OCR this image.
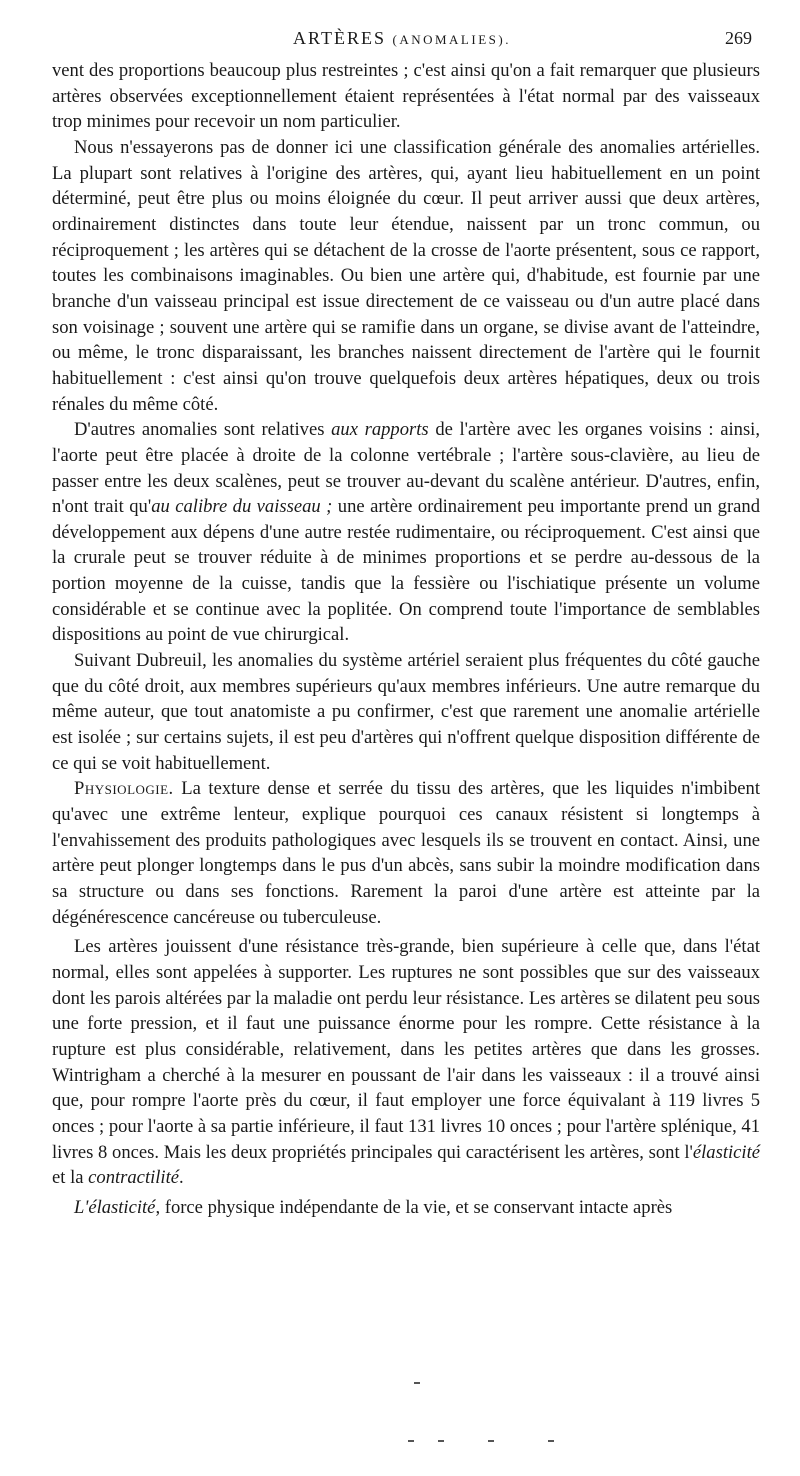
ARTÈRES (ANOMALIES).	269

vent des proportions beaucoup plus restreintes ; c'est ainsi qu'on a fait remarquer que plusieurs artères observées exceptionnellement étaient représentées à l'état normal par des vaisseaux trop minimes pour recevoir un nom particulier.

Nous n'essayerons pas de donner ici une classification générale des anomalies artérielles. La plupart sont relatives à l'origine des artères, qui, ayant lieu habituellement en un point déterminé, peut être plus ou moins éloignée du cœur. Il peut arriver aussi que deux artères, ordinairement distinctes dans toute leur étendue, naissent par un tronc commun, ou réciproquement ; les artères qui se détachent de la crosse de l'aorte présentent, sous ce rapport, toutes les combinaisons imaginables. Ou bien une artère qui, d'habitude, est fournie par une branche d'un vaisseau principal est issue directement de ce vaisseau ou d'un autre placé dans son voisinage ; souvent une artère qui se ramifie dans un organe, se divise avant de l'atteindre, ou même, le tronc disparaissant, les branches naissent directement de l'artère qui le fournit habituellement : c'est ainsi qu'on trouve quelquefois deux artères hépatiques, deux ou trois rénales du même côté.

D'autres anomalies sont relatives aux rapports de l'artère avec les organes voisins : ainsi, l'aorte peut être placée à droite de la colonne vertébrale ; l'artère sous-clavière, au lieu de passer entre les deux scalènes, peut se trouver au-devant du scalène antérieur. D'autres, enfin, n'ont trait qu'au calibre du vaisseau ; une artère ordinairement peu importante prend un grand développement aux dépens d'une autre restée rudimentaire, ou réciproquement. C'est ainsi que la crurale peut se trouver réduite à de minimes proportions et se perdre au-dessous de la portion moyenne de la cuisse, tandis que la fessière ou l'ischiatique présente un volume considérable et se continue avec la poplitée. On comprend toute l'importance de semblables dispositions au point de vue chirurgical.

Suivant Dubreuil, les anomalies du système artériel seraient plus fréquentes du côté gauche que du côté droit, aux membres supérieurs qu'aux membres inférieurs. Une autre remarque du même auteur, que tout anatomiste a pu confirmer, c'est que rarement une anomalie artérielle est isolée ; sur certains sujets, il est peu d'artères qui n'offrent quelque disposition différente de ce qui se voit habituellement.

Physiologie. La texture dense et serrée du tissu des artères, que les liquides n'imbibent qu'avec une extrême lenteur, explique pourquoi ces canaux résistent si longtemps à l'envahissement des produits pathologiques avec lesquels ils se trouvent en contact. Ainsi, une artère peut plonger longtemps dans le pus d'un abcès, sans subir la moindre modification dans sa structure ou dans ses fonctions. Rarement la paroi d'une artère est atteinte par la dégénérescence cancéreuse ou tuberculeuse.

Les artères jouissent d'une résistance très-grande, bien supérieure à celle que, dans l'état normal, elles sont appelées à supporter. Les ruptures ne sont possibles que sur des vaisseaux dont les parois altérées par la maladie ont perdu leur résistance. Les artères se dilatent peu sous une forte pression, et il faut une puissance énorme pour les rompre. Cette résistance à la rupture est plus considérable, relativement, dans les petites artères que dans les grosses. Wintrigham a cherché à la mesurer en poussant de l'air dans les vaisseaux : il a trouvé ainsi que, pour rompre l'aorte près du cœur, il faut employer une force équivalant à 119 livres 5 onces ; pour l'aorte à sa partie inférieure, il faut 131 livres 10 onces ; pour l'artère splénique, 41 livres 8 onces. Mais les deux propriétés principales qui caractérisent les artères, sont l'élasticité et la contractilité.

L'élasticité, force physique indépendante de la vie, et se conservant intacte après
